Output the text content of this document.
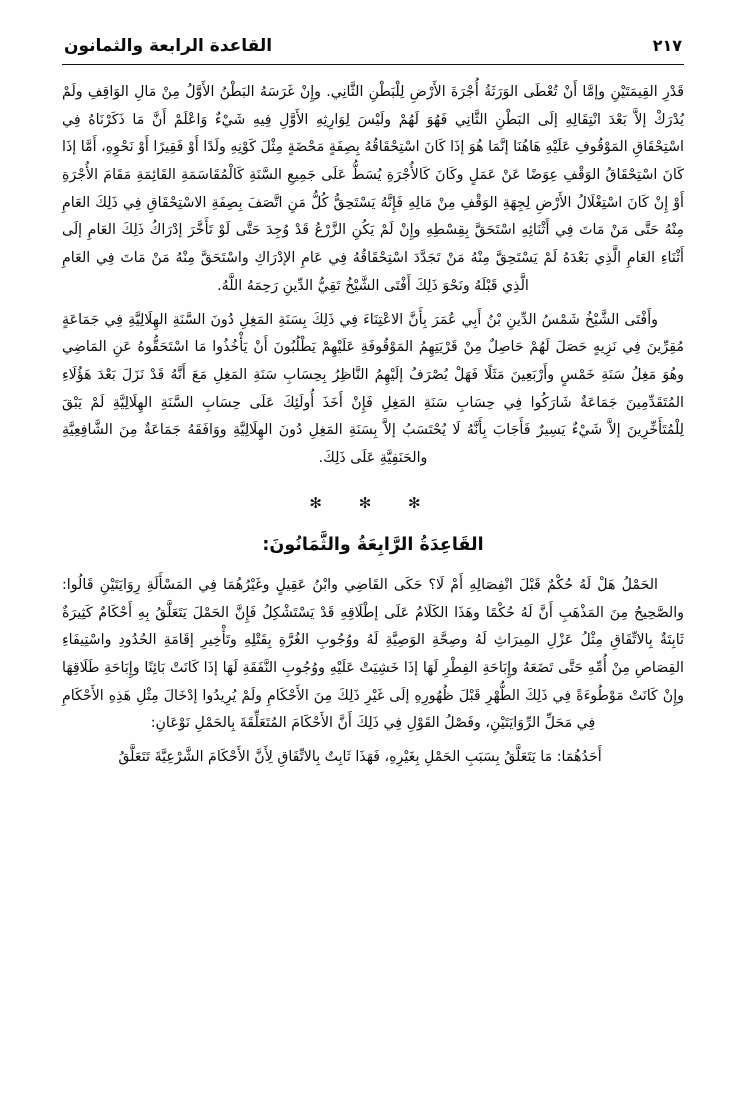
القاعدة الرابعة والثمانون	٢١٧

قَدْرِ القِيمَتَيْنِ وإمَّا أَنْ تُعْطَى الوَرَثَةُ أُجْرَةَ الأَرْضِ لِلْبَطْنِ الثَّانِي. وإِنْ غَرَسَهُ البَطْنُ الأَوَّلُ مِنْ مَالِ الوَاقِفِ ولَمْ يُدْرَكْ إلاَّ بَعْدَ انْتِقَالِهِ إلَى البَطْنِ الثَّانِي فَهُوَ لَهُمْ ولَيْسَ لِوَارِثِهِ الأَوَّلِ فِيهِ شَيْءٌ وَاعْلَمْ أَنَّ مَا ذَكَرْنَاهُ فِي اسْتِحْقَاقِ المَوْقُوفِ عَلَيْهِ هَاهُنَا إنَّمَا هُوَ إذَا كَانَ اسْتِحْقَاقُهُ بِصِفَةٍ مَحْضَةٍ مِثْلَ كَوْنِهِ ولَدًا أَوْ فَقِيرًا أَوْ نَحْوِهِ، أَمَّا إذَا كَانَ اسْتِحْقَاقُ الوَقْفِ عِوَضًا عَنْ عَمَلٍ وكَانَ كَالأُجْرَةِ يُسَطُّ عَلَى جَمِيعِ السَّنَةِ كَالْمُقَاسَمَةِ القَائِمَةِ مَقَامَ الأُجْرَةِ أَوْ إِنْ كَانَ اسْتِغْلَالُ الأَرْضِ لِجِهَةِ الوَقْفِ مِنْ مَالِهِ فَإِنَّهُ يَسْتَحِقُّ كُلُّ مَنِ اتَّصَفَ بِصِفَةِ الاسْتِحْقَاقِ فِي ذَلِكَ العَامِ مِنْهُ حَتَّى مَنْ مَاتَ فِي أَثْنَائِهِ اسْتَحَقَّ بِقِسْطِهِ وإِنْ لَمْ يَكُنِ الزَّرْعُ قَدْ وُجِدَ حَتَّى لَوْ تَأَخَّرَ إدْرَاكُ ذَلِكَ العَامِ إلَى أَثْنَاءِ العَامِ الَّذِي بَعْدَهُ لَمْ يَسْتَحِقَّ مِنْهُ مَنْ تَجَدَّدَ اسْتِحْقَاقُهُ فِي عَامِ الإدْرَاكِ واسْتَحَقَّ مِنْهُ مَنْ مَاتَ فِي العَامِ الَّذِي قَبْلَهُ ونَحْوَ ذَلِكَ أَفْتَى الشَّيْخُ تَقِيُّ الدِّينِ رَحِمَهُ اللَّهُ.

وأَفْتَى الشَّيْخُ شَمْسُ الدِّينِ بْنُ أَبِي عُمَرَ بِأَنَّ الاعْتِنَاءَ فِي ذَلِكَ بِسَنَةِ المَغِلِ دُونَ السَّنَةِ الهِلَالِيَّةِ فِي جَمَاعَةٍ مُقِرِّينَ فِي نَزِيهٍ حَصَلَ لَهُمْ حَاصِلٌ مِنْ قَرْيَتِهِمُ المَوْقُوفَةِ عَلَيْهِمْ يَطْلُبُونَ أَنْ يَأْخُذُوا مَا اسْتَحَقُّوهُ عَنِ المَاضِي وهُوَ مَغِلُ سَنَةِ خَمْسٍ وأَرْبَعِينَ مَثَلًا فَهَلْ يُصْرَفُ إلَيْهِمُ النَّاظِرُ بِحِسَابِ سَنَةِ المَغِلِ مَعَ أَنَّهُ قَدْ نَزَلَ بَعْدَ هَؤُلَاءِ المُتَقَدِّمِينَ جَمَاعَةٌ شَارَكُوا فِي حِسَابِ سَنَةِ المَغِلِ فَإِنْ أَخَذَ أُولَئِكَ عَلَى حِسَابِ السَّنَةِ الهِلَالِيَّةِ لَمْ يَبْقَ لِلْمُتَأَخِّرِينَ إلاَّ شَيْءٌ يَسِيرٌ فَأَجَابَ بِأَنَّهُ لَا يُحْتَسَبُ إلاَّ بِسَنَةِ المَغِلِ دُونَ الهِلَالِيَّةِ ووَافَقَهُ جَمَاعَةٌ مِنَ الشَّافِعِيَّةِ والحَنَفِيَّةِ عَلَى ذَلِكَ.

✻ ✻ ✻
القَاعِدَةُ الرَّابِعَةُ والثَّمَانُونَ:

الحَمْلُ هَلْ لَهُ حُكْمٌ قَبْلَ انْفِصَالِهِ أَمْ لَا؟ حَكَى القَاضِي وابْنُ عَقِيلٍ وغَيْرُهُمَا فِي المَسْأَلَةِ رِوَايَتَيْنِ قَالُوا: والصَّحِيحُ مِنَ المَذْهَبِ أَنَّ لَهُ حُكْمًا وهَذَا الكَلَامُ عَلَى إطْلَاقِهِ قَدْ يَسْتَشْكِلُ فَإِنَّ الحَمْلَ يَتَعَلَّقُ بِهِ أَحْكَامٌ كَثِيرَةٌ ثَابِتَةٌ بِالاتِّفَاقِ مِثْلُ عَزْلِ المِيرَاثِ لَهُ وصِحَّةِ الوَصِيَّةِ لَهُ ووُجُوبِ الغُرَّةِ بِقَتْلِهِ وتَأْخِيرِ إقَامَةِ الحُدُودِ واسْتِيفَاءِ القِصَاصِ مِنْ أُمِّهِ حَتَّى تَضَعَهُ وإِبَاحَةِ الفِطْرِ لَهَا إذَا خَشِيَتْ عَلَيْهِ ووُجُوبِ النَّفَقَةِ لَهَا إذَا كَانَتْ بَائِنًا وإِبَاحَةِ طَلَاقِهَا وإِنْ كَانَتْ مَوْطُوءَةً فِي ذَلِكَ الطُّهْرِ قَبْلَ ظُهُورِهِ إلَى غَيْرِ ذَلِكَ مِنَ الأَحْكَامِ ولَمْ يُرِيدُوا إدْخَالَ مِثْلِ هَذِهِ الأَحْكَامِ فِي مَحَلِّ الرِّوَايَتَيْنِ، وفَصْلُ القَوْلِ فِي ذَلِكَ أَنَّ الأَحْكَامَ المُتَعَلِّقَةَ بِالحَمْلِ نَوْعَانِ:

أَحَدُهُمَا: مَا يَتَعَلَّقُ بِسَبَبِ الحَمْلِ بِغَيْرِهِ، فَهَذَا ثَابِتٌ بِالاتِّفَاقِ لِأَنَّ الأَحْكَامَ الشَّرْعِيَّةَ تَتَعَلَّقُ
